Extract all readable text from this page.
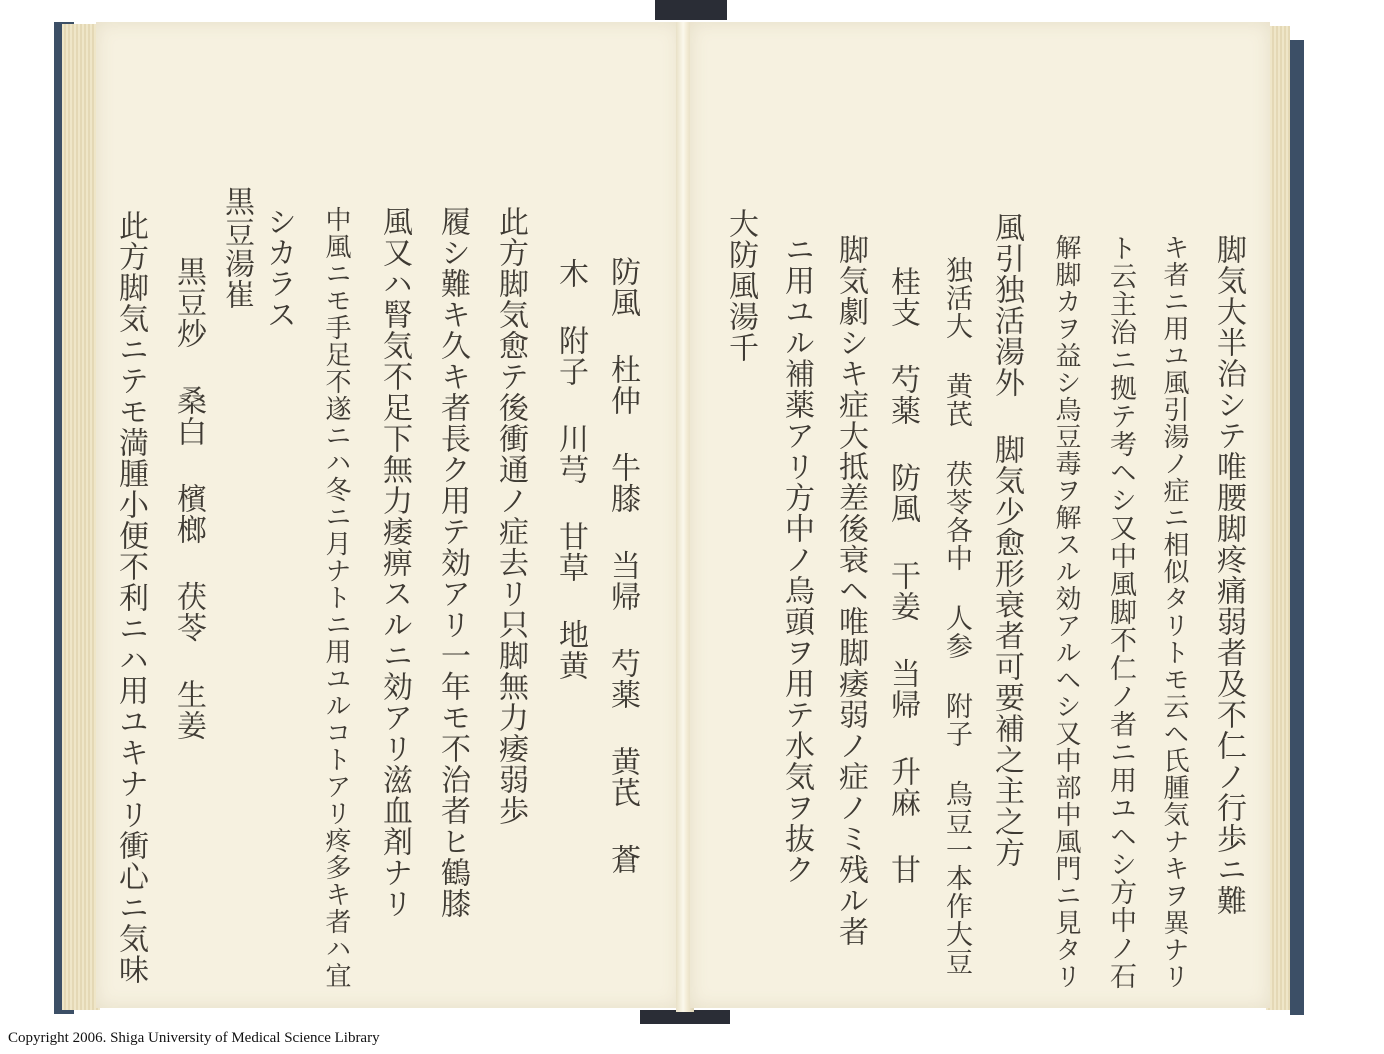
防風 杜仲 牛膝 当帰 芍薬 黄芪 蒼
木 附子 川芎 甘草 地黄
此方脚気愈テ後衝通ノ症去リ只脚無力痿弱歩
履シ難キ久キ者長ク用テ効アリ一年モ不治者ヒ鶴膝
風又ハ腎気不足下無力痿痹スルニ効アリ滋血剤ナリ
中風ニモ手足不遂ニハ冬ニ月ナトニ用ユルコトアリ疼多キ者ハ宜
シカラス
黒豆湯崔
黒豆炒 桑白 檳榔 茯苓 生姜
此方脚気ニテモ満腫小便不利ニハ用ユキナリ衝心ニ気味	脚気大半治シテ唯腰脚疼痛弱者及不仁ノ行歩ニ難
キ者ニ用ユ風引湯ノ症ニ相似タリトモ云ヘ氏腫気ナキヲ異ナリ
ト云主治ニ拠テ考ヘシ又中風脚不仁ノ者ニ用ユヘシ方中ノ石
解脚カヲ益シ烏豆毒ヲ解スル効アルヘシ又中部中風門ニ見タリ
風引独活湯外 脚気少愈形衰者可要補之主之方
独活大 黄芪 茯苓各中 人参 附子 烏豆一本作大豆
桂支 芍薬 防風 干姜 当帰 升麻 甘
脚気劇シキ症大抵差後衰ヘ唯脚痿弱ノ症ノミ残ル者
ニ用ユル補薬アリ方中ノ烏頭ヲ用テ水気ヲ抜ク
大防風湯千
Copyright 2006. Shiga University of Medical Science Library
